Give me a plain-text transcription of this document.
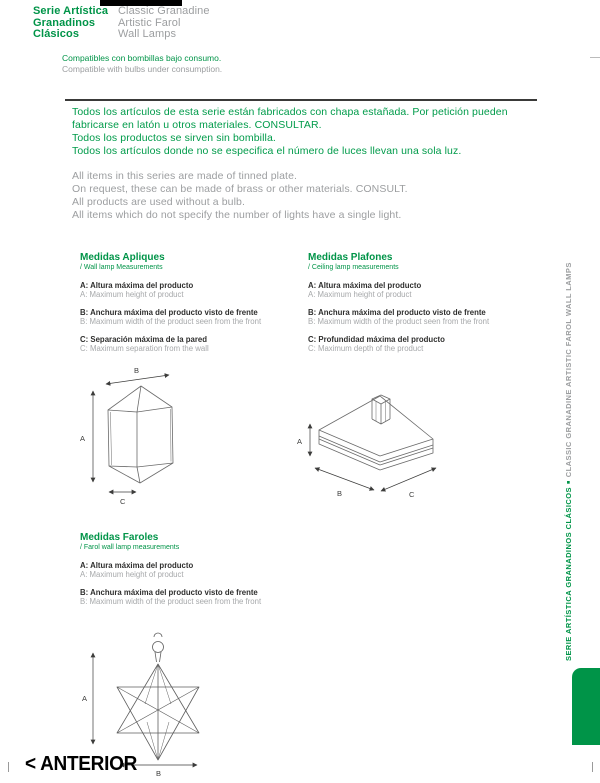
Serie Artística
Granadinos
Clásicos
Classic Granadine
Artistic Farol
Wall Lamps
Compatibles con bombillas bajo consumo.
Compatible with bulbs under consumption.
Todos los artículos de esta serie están fabricados con chapa estañada. Por petición pueden
fabricarse en latón u otros materiales. CONSULTAR.
Todos los productos se sirven sin bombilla.
Todos los artículos donde no se especifica el número de luces llevan una sola luz.
All items in this series are made of tinned plate.
On request, these can be made of brass or other materials. CONSULT.
All products are used without a bulb.
All items which do not specify the number of lights have a single light.
Medidas Apliques
/ Wall lamp Measurements
A: Altura máxima del producto
A: Maximum height of product
B: Anchura máxima del producto visto de frente
B: Maximum width of the product seen from the front
C: Separación máxima de la pared
C: Maximum separation from the wall
Medidas Plafones
/ Ceiling lamp measurements
A: Altura máxima del producto
A: Maximum height of product
B: Anchura máxima del producto visto de frente
B: Maximum width of the product seen from the front
C: Profundidad máxima del producto
C: Maximum depth of the product
A
B
C
A
B	C
Medidas Faroles
/ Farol wall lamp measurements
A: Altura máxima del producto
A: Maximum height of product
B: Anchura máxima del producto visto de frente
B: Maximum width of the product seen from the front
A
B
SERIE ARTÍSTICA GRANADINOS CLÁSICOS■CLASSIC GRANADINE ARTISTIC FAROL WALL LAMPS
< ANTERIOR
